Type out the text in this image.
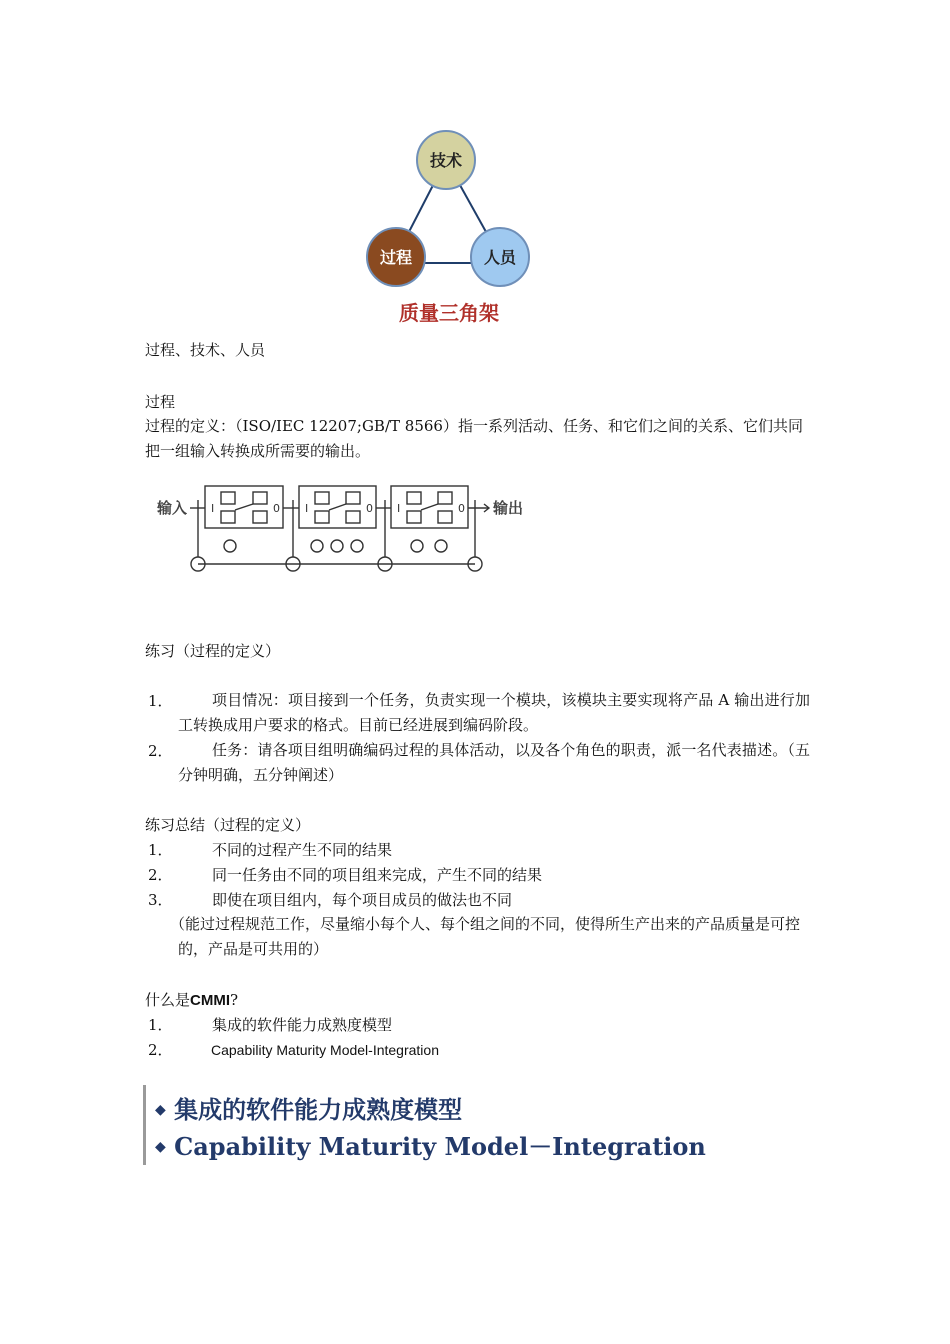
技术
过程	人员
质量三角架
过程、技术、人员
过程
过程的定义：（ISO/IEC 12207;GB/T 8566）指一系列活动、任务、和它们之间的关系、它们共同把一组输入转换成所需要的输出。
输入	输出
I	0 I	0 I	0
练习（过程的定义）
1．	项目情况：项目接到一个任务，负责实现一个模块，该模块主要实现将产品 A 输出进行加工转换成用户要求的格式。目前已经进展到编码阶段。
2．	任务：请各项目组明确编码过程的具体活动，以及各个角色的职责，派一名代表描述。（五分钟明确，五分钟阐述）
练习总结（过程的定义）
1．	不同的过程产生不同的结果
2．	同一任务由不同的项目组来完成，产生不同的结果
3．	即使在项目组内，每个项目成员的做法也不同
（能过过程规范工作，尽量缩小每个人、每个组之间的不同，使得所生产出来的产品质量是可控的，产品是可共用的）
什么是CMMI?
1．	集成的软件能力成熟度模型
2．	Capability Maturity Model-Integration
◆ 集成的软件能力成熟度模型
◆ Capability Maturity Model－Integration
